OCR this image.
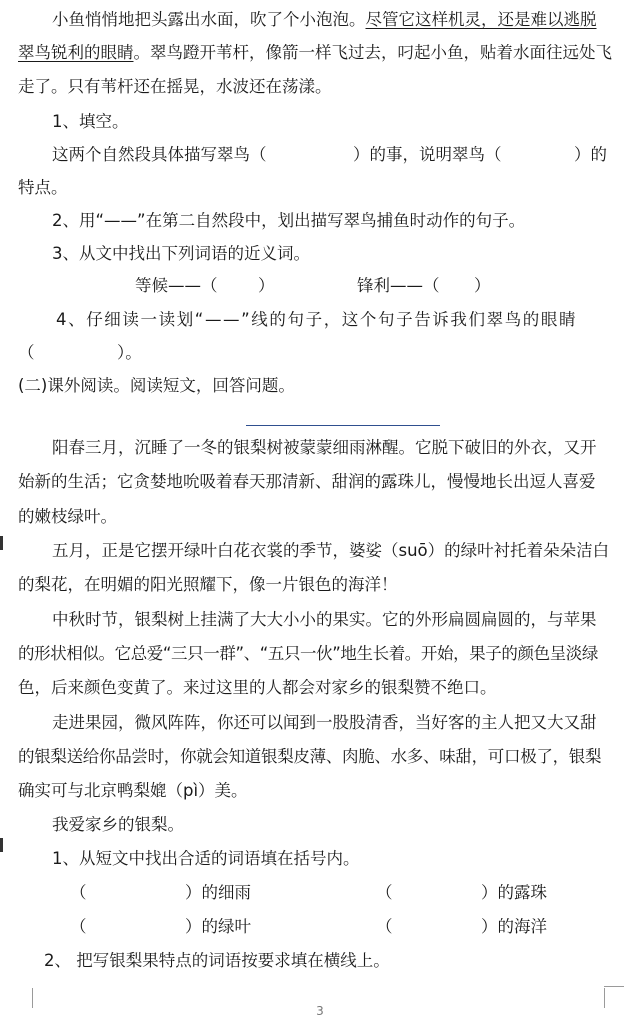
小鱼悄悄地把头露出水面，吹了个小泡泡。尽管它这样机灵，还是难以逃脱
翠鸟锐利的眼睛。翠鸟蹬开苇杆，像箭一样飞过去，叼起小鱼，贴着水面往远处飞
走了。只有苇杆还在摇晃，水波还在荡漾。
1、填空。
这两个自然段具体描写翠鸟（	）的事，说明翠鸟（	）的
特点。
2、用“——”在第二自然段中，划出描写翠鸟捕鱼时动作的句子。
3、从文中找出下列词语的近义词。
等候——（ ）	锋利——（ ）
4、仔细读一读划“——”线的句子，这个句子告诉我们翠鸟的眼睛
（	）。
(二)课外阅读。阅读短文，回答问题。
阳春三月，沉睡了一冬的银梨树被蒙蒙细雨淋醒。它脱下破旧的外衣，又开
始新的生活；它贪婪地吮吸着春天那清新、甜润的露珠儿，慢慢地长出逗人喜爱
的嫩枝绿叶。
五月，正是它摆开绿叶白花衣裳的季节，婆娑（suō）的绿叶衬托着朵朵洁白
的梨花，在明媚的阳光照耀下，像一片银色的海洋！
中秋时节，银梨树上挂满了大大小小的果实。它的外形扁圆扁圆的，与苹果
的形状相似。它总爱“三只一群”、“五只一伙”地生长着。开始，果子的颜色呈淡绿
色，后来颜色变黄了。来过这里的人都会对家乡的银梨赞不绝口。
走进果园，微风阵阵，你还可以闻到一股股清香，当好客的主人把又大又甜
的银梨送给你品尝时，你就会知道银梨皮薄、肉脆、水多、味甜，可口极了，银梨
确实可与北京鸭梨媲（pì）美。
我爱家乡的银梨。
1、从短文中找出合适的词语填在括号内。
（	）的细雨	（	）的露珠
（	）的绿叶	（	）的海洋
2、 把写银梨果特点的词语按要求填在横线上。
3
